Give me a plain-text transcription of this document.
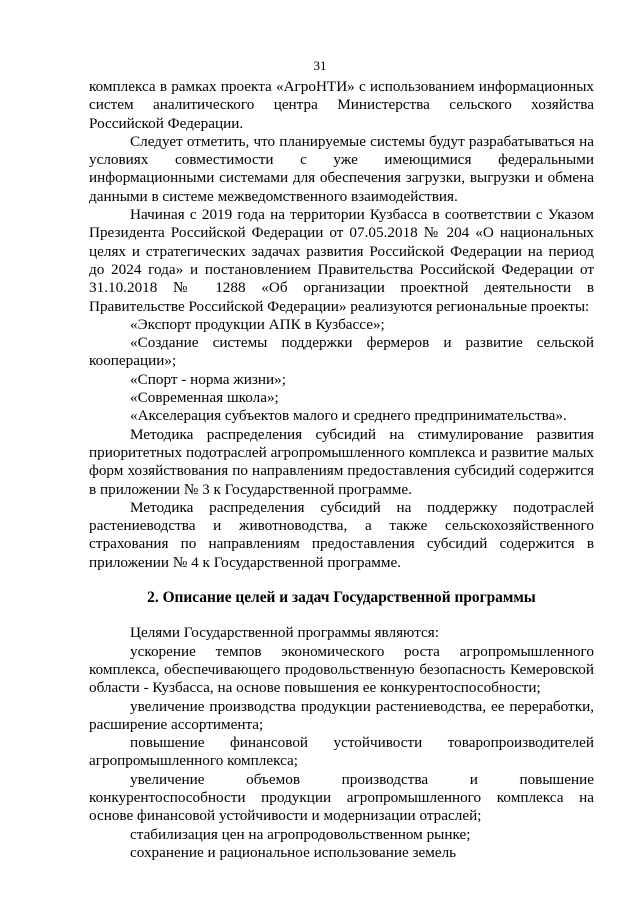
31

комплекса в рамках проекта «АгроНТИ» с использованием информационных систем аналитического центра Министерства сельского хозяйства Российской Федерации.

Следует отметить, что планируемые системы будут разрабатываться на условиях совместимости с уже имеющимися федеральными информационными системами для обеспечения загрузки, выгрузки и обмена данными в системе межведомственного взаимодействия.

Начиная с 2019 года на территории Кузбасса в соответствии с Указом Президента Российской Федерации от 07.05.2018 № 204 «О национальных целях и стратегических задачах развития Российской Федерации на период до 2024 года» и постановлением Правительства Российской Федерации от 31.10.2018 № 1288 «Об организации проектной деятельности в Правительстве Российской Федерации» реализуются региональные проекты:

«Экспорт продукции АПК в Кузбассе»;

«Создание системы поддержки фермеров и развитие сельской кооперации»;

«Спорт - норма жизни»;

«Современная школа»;

«Акселерация субъектов малого и среднего предпринимательства».

Методика распределения субсидий на стимулирование развития приоритетных подотраслей агропромышленного комплекса и развитие малых форм хозяйствования по направлениям предоставления субсидий содержится в приложении № 3 к Государственной программе.

Методика распределения субсидий на поддержку подотраслей растениеводства и животноводства, а также сельскохозяйственного страхования по направлениям предоставления субсидий содержится в приложении № 4 к Государственной программе.

2. Описание целей и задач Государственной программы

Целями Государственной программы являются:

ускорение темпов экономического роста агропромышленного комплекса, обеспечивающего продовольственную безопасность Кемеровской области - Кузбасса, на основе повышения ее конкурентоспособности;

увеличение производства продукции растениеводства, ее переработки, расширение ассортимента;

повышение финансовой устойчивости товаропроизводителей агропромышленного комплекса;

увеличение объемов производства и повышение конкурентоспособности продукции агропромышленного комплекса на основе финансовой устойчивости и модернизации отраслей;

стабилизация цен на агропродовольственном рынке;

сохранение и рациональное использование земель
